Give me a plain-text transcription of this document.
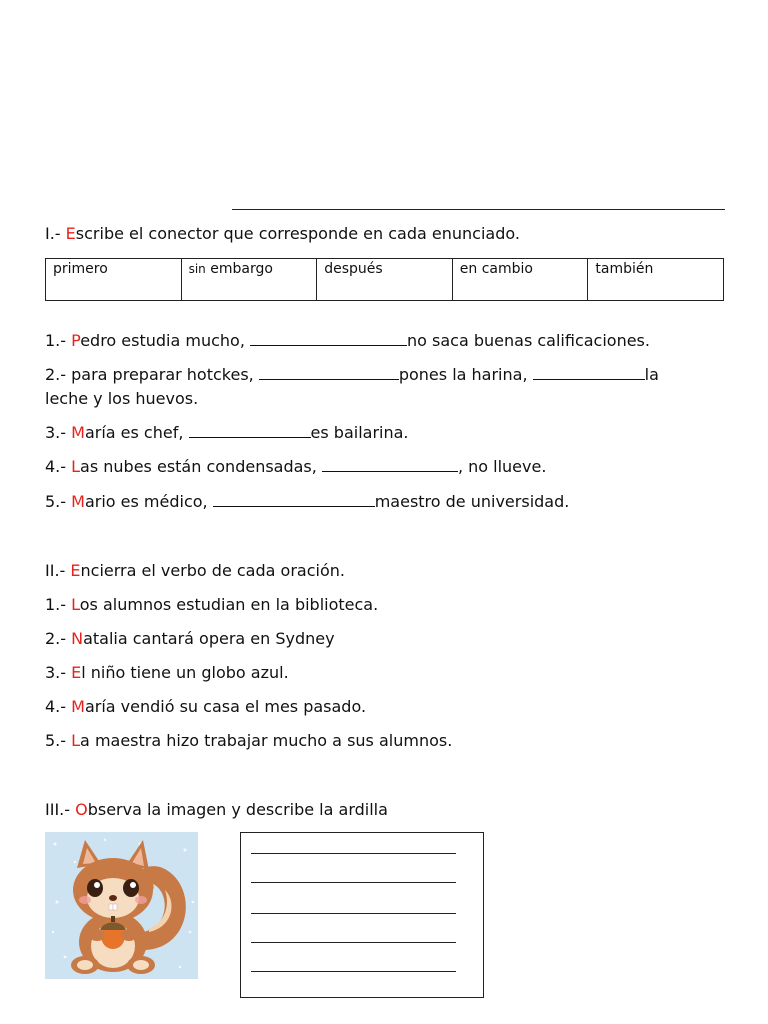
I.- Escribe el conector que corresponde en cada enunciado.
primero	sin embargo	después	en cambio	también
1.- Pedro estudia mucho,	no saca buenas calificaciones.
2.- para preparar hotckes,	pones la harina,	la
leche y los huevos.
3.- María es chef,	es bailarina.
4.- Las nubes están condensadas,	, no llueve.
5.- Mario es médico,	maestro de universidad.
II.- Encierra el verbo de cada oración.
1.- Los alumnos estudian en la biblioteca.
2.- Natalia cantará opera en Sydney
3.- El niño tiene un globo azul.
4.- María vendió su casa el mes pasado.
5.- La maestra hizo trabajar mucho a sus alumnos.
III.- Observa la imagen y describe la ardilla
